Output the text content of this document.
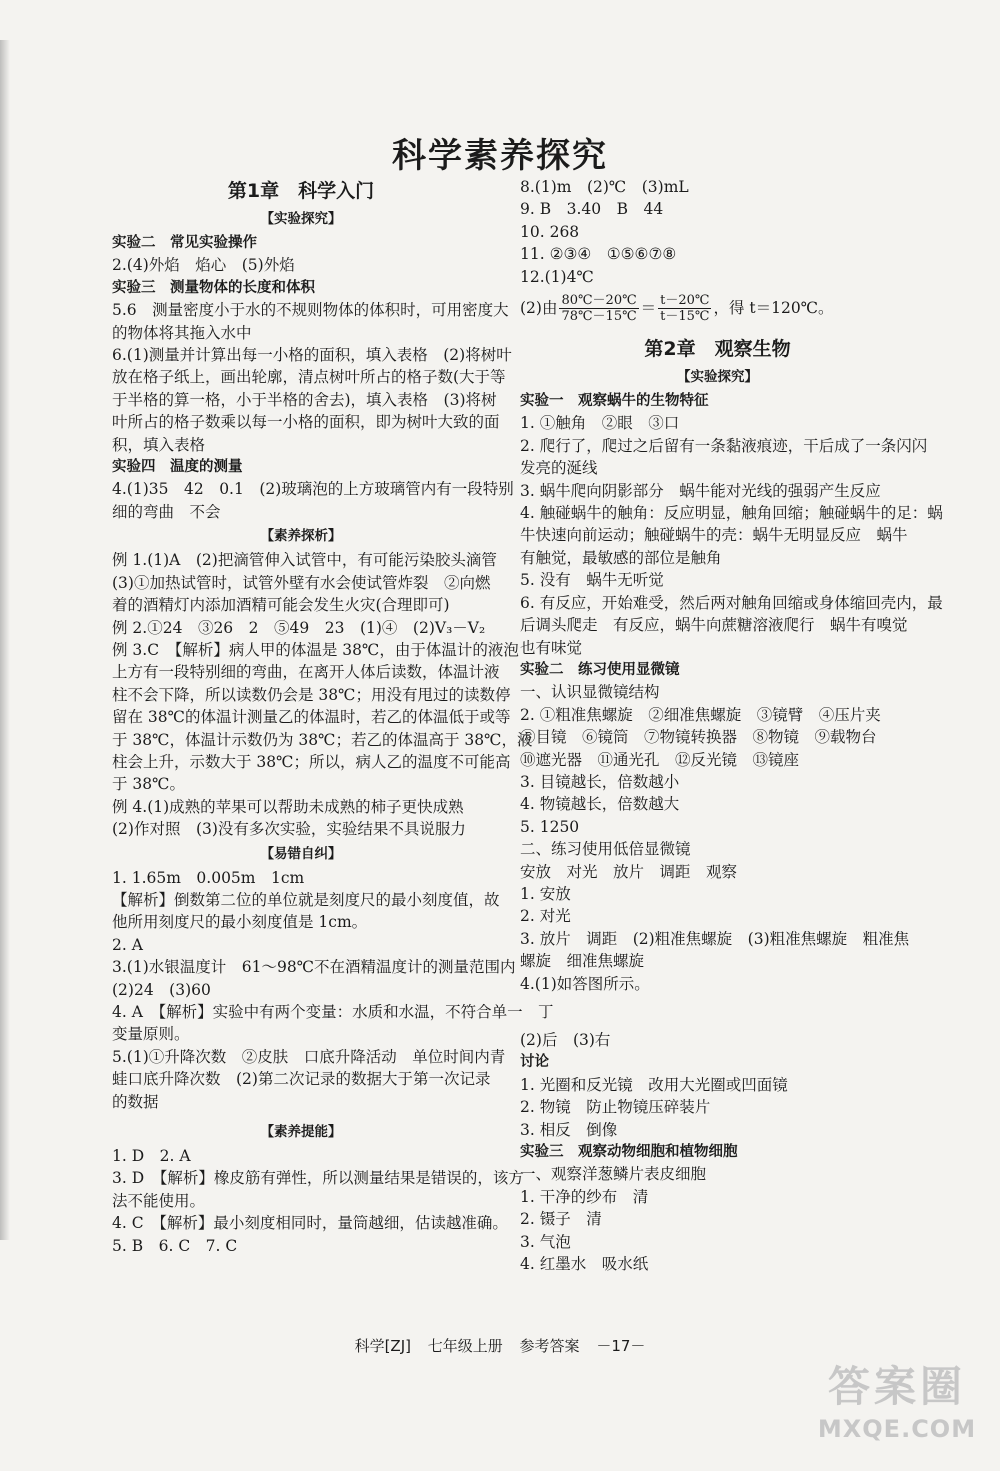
科学素养探究
第1章　科学入门
【实验探究】
实验二　常见实验操作
2.(4)外焰　焰心　(5)外焰
实验三　测量物体的长度和体积
5.6　测量密度小于水的不规则物体的体积时，可用密度大
的物体将其拖入水中
6.(1)测量并计算出每一小格的面积，填入表格　(2)将树叶
放在格子纸上，画出轮廓，清点树叶所占的格子数(大于等
于半格的算一格，小于半格的舍去)，填入表格　(3)将树
叶所占的格子数乘以每一小格的面积，即为树叶大致的面
积，填入表格
实验四　温度的测量
4.(1)35　42　0.1　(2)玻璃泡的上方玻璃管内有一段特别
细的弯曲　不会
【素养探析】
例 1.(1)A　(2)把滴管伸入试管中，有可能污染胶头滴管
(3)①加热试管时，试管外壁有水会使试管炸裂　②向燃
着的酒精灯内添加酒精可能会发生火灾(合理即可)
例 2.①24　③26　2　⑤49　23　(1)④　(2)V₃－V₂
例 3.C　【解析】病人甲的体温是 38℃，由于体温计的液泡
上方有一段特别细的弯曲，在离开人体后读数，体温计液
柱不会下降，所以读数仍会是 38℃；用没有甩过的读数停
留在 38℃的体温计测量乙的体温时，若乙的体温低于或等
于 38℃，体温计示数仍为 38℃；若乙的体温高于 38℃，液
柱会上升，示数大于 38℃；所以，病人乙的温度不可能高
于 38℃。
例 4.(1)成熟的苹果可以帮助未成熟的柿子更快成熟
(2)作对照　(3)没有多次实验，实验结果不具说服力
【易错自纠】
1. 1.65m　0.005m　1cm
【解析】倒数第二位的单位就是刻度尺的最小刻度值，故
他所用刻度尺的最小刻度值是 1cm。
2. A
3.(1)水银温度计　61～98℃不在酒精温度计的测量范围内
(2)24　(3)60
4. A　【解析】实验中有两个变量：水质和水温，不符合单一
变量原则。
5.(1)①升降次数　②皮肤　口底升降活动　单位时间内青
蛙口底升降次数　(2)第二次记录的数据大于第一次记录
的数据
【素养提能】
1. D　2. A
3. D　【解析】橡皮筋有弹性，所以测量结果是错误的，该方
法不能使用。
4. C　【解析】最小刻度相同时，量筒越细，估读越准确。
5. B　6. C　7. C
8.(1)m　(2)℃　(3)mL
9. B　3.40　B　44
10. 268
11. ②③④　①⑤⑥⑦⑧
12.(1)4℃
(2)由 $\frac{80℃-20℃}{78℃-15℃} = \frac{t-20℃}{t-15℃}$ ，得 t＝120℃。
第2章　观察生物
【实验探究】
实验一　观察蜗牛的生物特征
1. ①触角　②眼　③口
2. 爬行了，爬过之后留有一条黏液痕迹，干后成了一条闪闪
发亮的涎线
3. 蜗牛爬向阴影部分　蜗牛能对光线的强弱产生反应
4. 触碰蜗牛的触角：反应明显，触角回缩；触碰蜗牛的足：蜗
牛快速向前运动；触碰蜗牛的壳：蜗牛无明显反应　蜗牛
有触觉，最敏感的部位是触角
5. 没有　蜗牛无听觉
6. 有反应，开始难受，然后两对触角回缩或身体缩回壳内，最
后调头爬走　有反应，蜗牛向蔗糖溶液爬行　蜗牛有嗅觉
也有味觉
实验二　练习使用显微镜
一、认识显微镜结构
2. ①粗准焦螺旋　②细准焦螺旋　③镜臂　④压片夹
⑤目镜　⑥镜筒　⑦物镜转换器　⑧物镜　⑨载物台
⑩遮光器　⑪通光孔　⑫反光镜　⑬镜座
3. 目镜越长，倍数越小
4. 物镜越长，倍数越大
5. 1250
二、练习使用低倍显微镜
安放　对光　放片　调距　观察
1. 安放
2. 对光
3. 放片　调距　(2)粗准焦螺旋　(3)粗准焦螺旋　粗准焦
螺旋　细准焦螺旋
4.(1)如答图所示。
丁
(2)后　(3)右
讨论
1. 光圈和反光镜　改用大光圈或凹面镜
2. 物镜　防止物镜压碎装片
3. 相反　倒像
实验三　观察动物细胞和植物细胞
一、观察洋葱鳞片表皮细胞
1. 干净的纱布　清
2. 镊子　清
3. 气泡
4. 红墨水　吸水纸
科学[ZJ] 七年级上册 参考答案 －17－
答案圈
MXQE.COM
